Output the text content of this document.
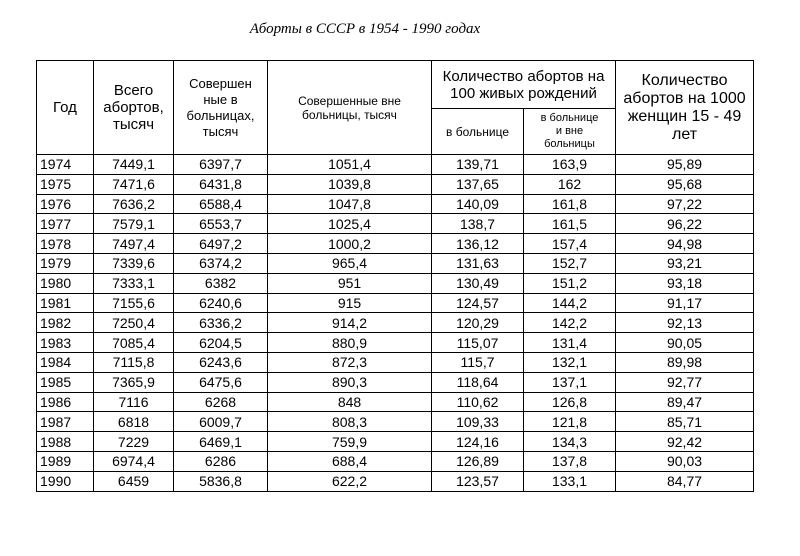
Аборты в СССР в 1954 - 1990 годах
Год	Всего
абортов,
тысяч	Совершен
ные в
больницах,
тысяч	Совершенные вне
больницы, тысяч	Количество абортов на
100 живых рождений		Количество
абортов на 1000
женщин 15 - 49
лет
				в больнице	в больнице
и вне
больницы	
1974	7449,1	6397,7	1051,4	139,71	163,9	95,89
1975	7471,6	6431,8	1039,8	137,65	162	95,68
1976	7636,2	6588,4	1047,8	140,09	161,8	97,22
1977	7579,1	6553,7	1025,4	138,7	161,5	96,22
1978	7497,4	6497,2	1000,2	136,12	157,4	94,98
1979	7339,6	6374,2	965,4	131,63	152,7	93,21
1980	7333,1	6382	951	130,49	151,2	93,18
1981	7155,6	6240,6	915	124,57	144,2	91,17
1982	7250,4	6336,2	914,2	120,29	142,2	92,13
1983	7085,4	6204,5	880,9	115,07	131,4	90,05
1984	7115,8	6243,6	872,3	115,7	132,1	89,98
1985	7365,9	6475,6	890,3	118,64	137,1	92,77
1986	7116	6268	848	110,62	126,8	89,47
1987	6818	6009,7	808,3	109,33	121,8	85,71
1988	7229	6469,1	759,9	124,16	134,3	92,42
1989	6974,4	6286	688,4	126,89	137,8	90,03
1990	6459	5836,8	622,2	123,57	133,1	84,77
